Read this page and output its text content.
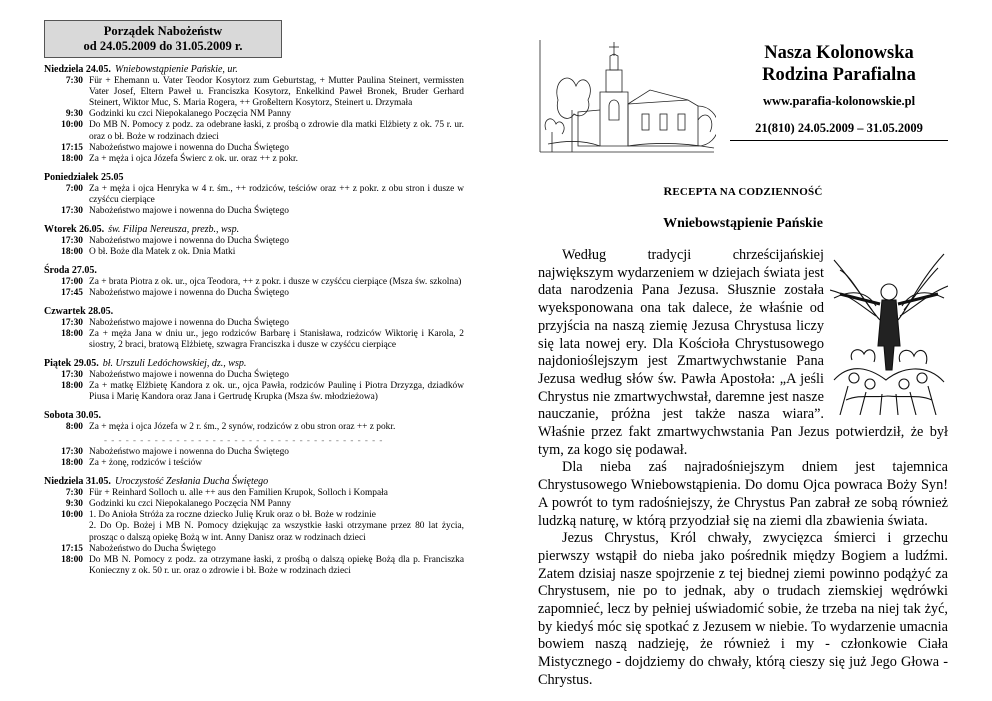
Porządek Nabożeństw
od 24.05.2009 do 31.05.2009 r.
Niedziela 24.05. Wniebowstąpienie Pańskie, ur.
7:30 Für + Ehemann u. Vater Teodor Kosytorz zum Geburtstag, + Mutter Paulina Steinert, vermissten Vater Josef, Eltern Paweł u. Franciszka Kosytorz, Enkelkind Paweł Bronek, Bruder Gerhard Steinert, Wiktor Muc, S. Maria Rogera, ++ Großeltern Kosytorz, Steinert u. Drzymała
9:30 Godzinki ku czci Niepokalanego Poczęcia NM Panny
10:00 Do MB N. Pomocy z podz. za odebrane łaski, z prośbą o zdrowie dla matki Elżbiety z ok. 75 r. ur. oraz o bł. Boże w rodzinach dzieci
17:15 Nabożeństwo majowe i nowenna do Ducha Świętego
18:00 Za + męża i ojca Józefa Świerc z ok. ur. oraz ++ z pokr.
Poniedziałek 25.05
7:00 Za + męża i ojca Henryka w 4 r. śm., ++ rodziców, teściów oraz ++ z pokr. z obu stron i dusze w czyśćcu cierpiące
17:30 Nabożeństwo majowe i nowenna do Ducha Świętego
Wtorek 26.05. św. Filipa Nereusza, prezb., wsp.
17:30 Nabożeństwo majowe i nowenna do Ducha Świętego
18:00 O bł. Boże dla Matek z ok. Dnia Matki
Środa 27.05.
17:00 Za + brata Piotra z ok. ur., ojca Teodora, ++ z pokr. i dusze w czyśćcu cierpiące (Msza św. szkolna)
17:45 Nabożeństwo majowe i nowenna do Ducha Świętego
Czwartek 28.05.
17:30 Nabożeństwo majowe i nowenna do Ducha Świętego
18:00 Za + męża Jana w dniu ur., jego rodziców Barbarę i Stanisława, rodziców Wiktorię i Karola, 2 siostry, 2 braci, bratową Elżbietę, szwagra Franciszka i dusze w czyśćcu cierpiące
Piątek 29.05. bł. Urszuli Ledóchowskiej, dz., wsp.
17:30 Nabożeństwo majowe i nowenna do Ducha Świętego
18:00 Za + matkę Elżbietę Kandora z ok. ur., ojca Pawła, rodziców Paulinę i Piotra Drzyzga, dziadków Piusa i Marię Kandora oraz Jana i Gertrudę Krupka (Msza św. młodzieżowa)
Sobota 30.05.
8:00 Za + męża i ojca Józefa w 2 r. śm., 2 synów, rodziców z obu stron oraz ++ z pokr.
- - - - - - - - - - - - - - - - - - - - - - - - - - - - - - - - - - - - - - -
17:30 Nabożeństwo majowe i nowenna do Ducha Świętego
18:00 Za + żonę, rodziców i teściów
Niedziela 31.05. Uroczystość Zesłania Ducha Świętego
7:30 Für + Reinhard Solloch u. alle ++ aus den Familien Krupok, Solloch i Kompała
9:30 Godzinki ku czci Niepokalanego Poczęcia NM Panny
10:00 1. Do Anioła Stróża za roczne dziecko Julię Kruk oraz o bł. Boże w rodzinie
2. Do Op. Bożej i MB N. Pomocy dziękując za wszystkie łaski otrzymane przez 80 lat życia, prosząc o dalszą opiekę Bożą w int. Anny Danisz oraz w rodzinach dzieci
17:15 Nabożeństwo do Ducha Świętego
18:00 Do MB N. Pomocy z podz. za otrzymane łaski, z prośbą o dalszą opiekę Bożą dla p. Franciszka Konieczny z ok. 50 r. ur. oraz o zdrowie i bł. Boże w rodzinach dzieci
Nasza Kolonowska
Rodzina Parafialna
www.parafia-kolonowskie.pl
21(810) 24.05.2009 – 31.05.2009
RECEPTA NA CODZIENNOŚĆ
Wniebowstąpienie Pańskie

Według tradycji chrześcijańskiej największym wydarzeniem w dziejach świata jest data narodzenia Pana Jezusa. Słusznie została wyeksponowana ona tak dalece, że właśnie od przyjścia na naszą ziemię Jezusa Chrystusa liczy się lata nowej ery. Dla Kościoła Chrystusowego najdonioślejszym jest Zmartwychwstanie Pana Jezusa według słów św. Pawła Apostoła: „A jeśli Chrystus nie zmartwychwstał, daremne jest nasze nauczanie, próżna jest także nasza wiara”. Właśnie przez fakt zmartwychwstania Pan Jezus potwierdził, że był tym, za kogo się podawał.

Dla nieba zaś najradośniejszym dniem jest tajemnica Chrystusowego Wniebowstąpienia. Do domu Ojca powraca Boży Syn! A powrót to tym radośniejszy, że Chrystus Pan zabrał ze sobą również ludzką naturę, w którą przyodział się na ziemi dla zbawienia świata.

Jezus Chrystus, Król chwały, zwycięzca śmierci i grzechu pierwszy wstąpił do nieba jako pośrednik między Bogiem a ludźmi. Zatem dzisiaj nasze spojrzenie z tej biednej ziemi powinno podążyć za Chrystusem, nie po to jednak, aby o trudach ziemskiej wędrówki zapomnieć, lecz by pełniej uświadomić sobie, że trzeba na niej tak żyć, by kiedyś móc się spotkać z Jezusem w niebie. To wydarzenie umacnia bowiem naszą nadzieję, że również i my - członkowie Ciała Mistycznego - dojdziemy do chwały, którą cieszy się już Jego Głowa - Chrystus.
